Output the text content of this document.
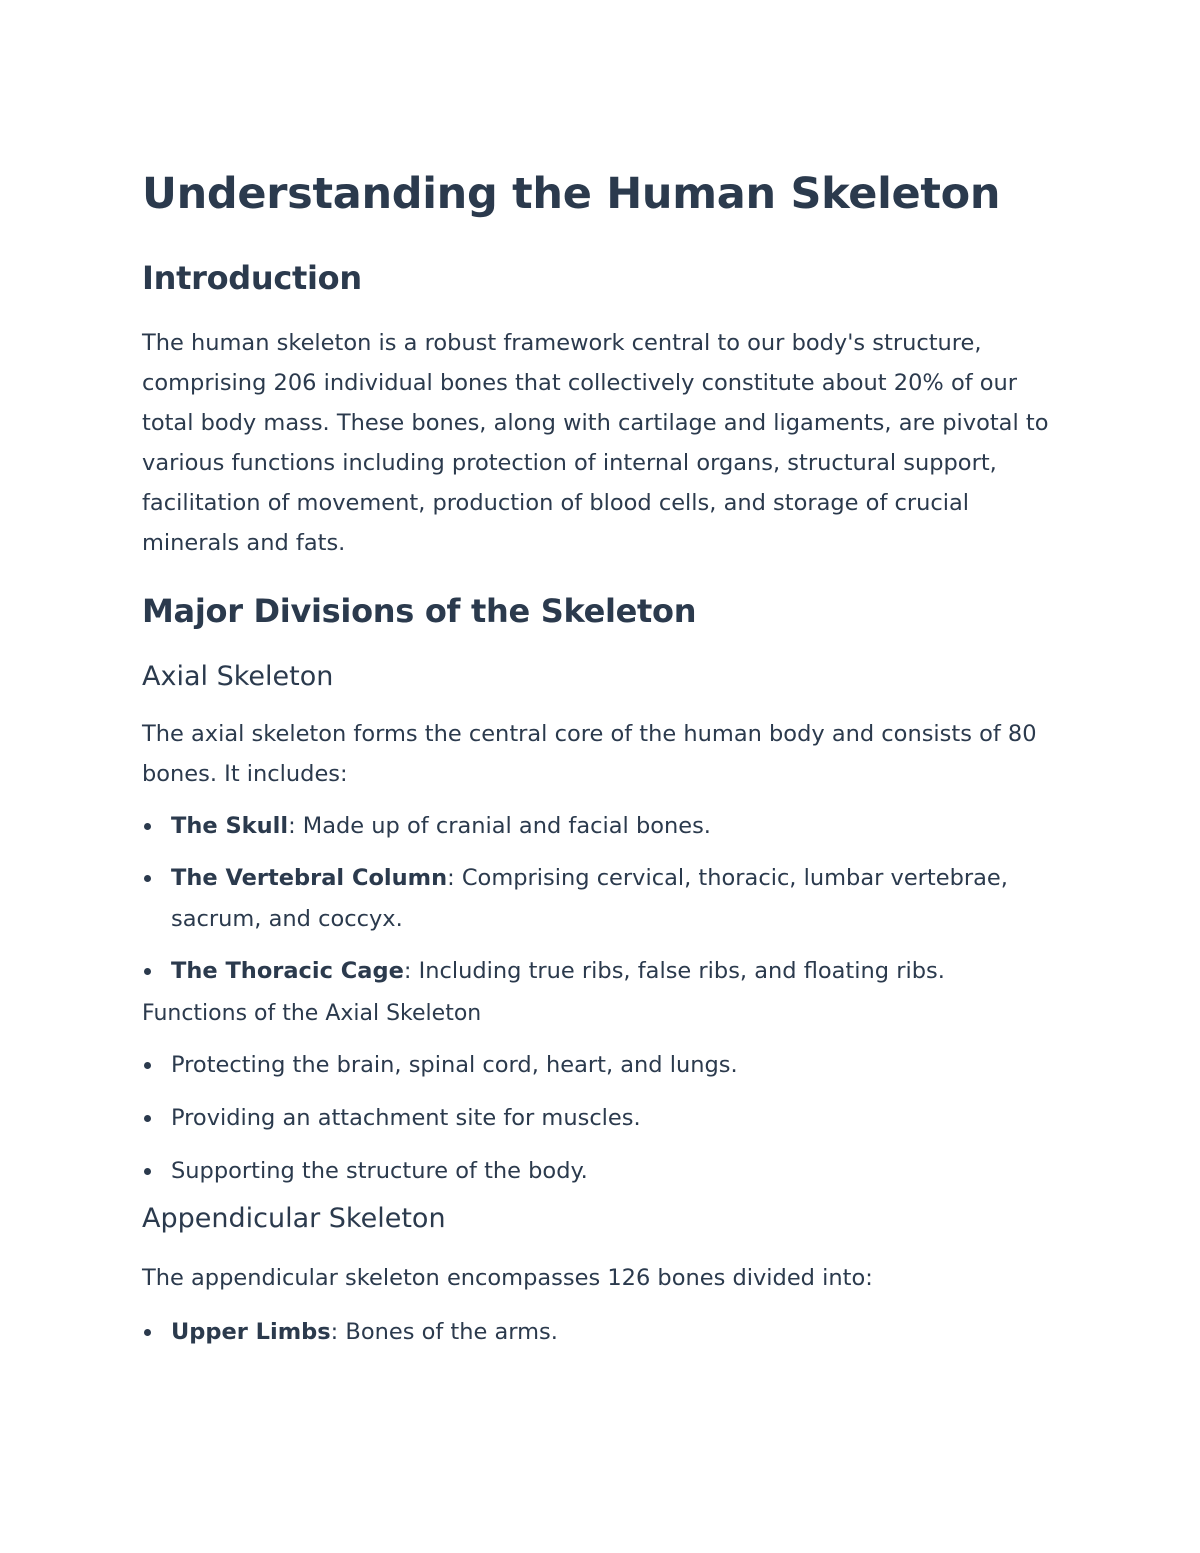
Understanding the Human Skeleton
Introduction

The human skeleton is a robust framework central to our body's structure, comprising 206 individual bones that collectively constitute about 20% of our total body mass. These bones, along with cartilage and ligaments, are pivotal to various functions including protection of internal organs, structural support, facilitation of movement, production of blood cells, and storage of crucial minerals and fats.

Major Divisions of the Skeleton
Axial Skeleton

The axial skeleton forms the central core of the human body and consists of 80 bones. It includes:

The Skull: Made up of cranial and facial bones.
The Vertebral Column: Comprising cervical, thoracic, lumbar vertebrae, sacrum, and coccyx.
The Thoracic Cage: Including true ribs, false ribs, and floating ribs.
Functions of the Axial Skeleton
Protecting the brain, spinal cord, heart, and lungs.
Providing an attachment site for muscles.
Supporting the structure of the body.
Appendicular Skeleton

The appendicular skeleton encompasses 126 bones divided into:

Upper Limbs: Bones of the arms.
